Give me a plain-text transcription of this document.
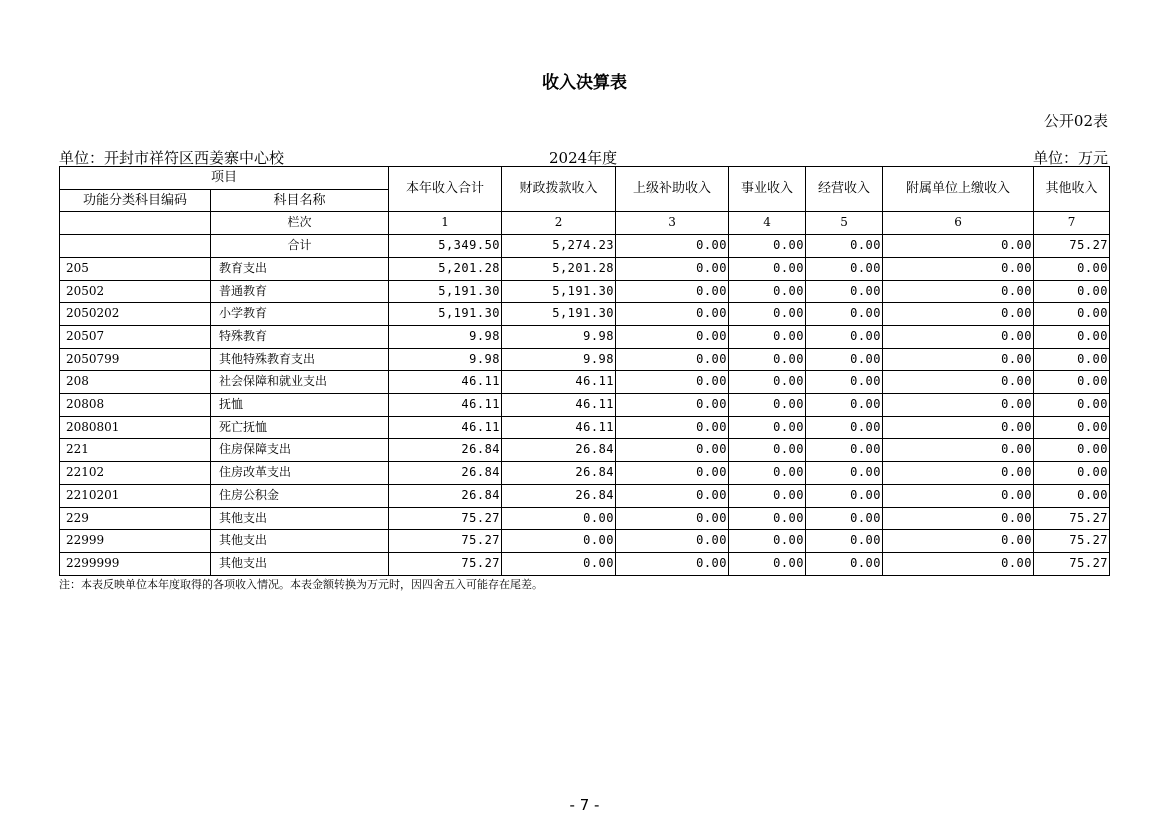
收入决算表
公开02表
单位：开封市祥符区西姜寨中心校	2024年度	单位：万元
项目		本年收入合计	财政拨款收入	上级补助收入	事业收入	经营收入	附属单位上缴收入	其他收入
功能分类科目编码	科目名称							
	栏次	1	2	3	4	5	6	7
	合计	5,349.50	5,274.23	0.00	0.00	0.00	0.00	75.27
205	教育支出	5,201.28	5,201.28	0.00	0.00	0.00	0.00	0.00
20502	普通教育	5,191.30	5,191.30	0.00	0.00	0.00	0.00	0.00
2050202	小学教育	5,191.30	5,191.30	0.00	0.00	0.00	0.00	0.00
20507	特殊教育	9.98	9.98	0.00	0.00	0.00	0.00	0.00
2050799	其他特殊教育支出	9.98	9.98	0.00	0.00	0.00	0.00	0.00
208	社会保障和就业支出	46.11	46.11	0.00	0.00	0.00	0.00	0.00
20808	抚恤	46.11	46.11	0.00	0.00	0.00	0.00	0.00
2080801	死亡抚恤	46.11	46.11	0.00	0.00	0.00	0.00	0.00
221	住房保障支出	26.84	26.84	0.00	0.00	0.00	0.00	0.00
22102	住房改革支出	26.84	26.84	0.00	0.00	0.00	0.00	0.00
2210201	住房公积金	26.84	26.84	0.00	0.00	0.00	0.00	0.00
229	其他支出	75.27	0.00	0.00	0.00	0.00	0.00	75.27
22999	其他支出	75.27	0.00	0.00	0.00	0.00	0.00	75.27
2299999	其他支出	75.27	0.00	0.00	0.00	0.00	0.00	75.27
注：本表反映单位本年度取得的各项收入情况。本表金额转换为万元时，因四舍五入可能存在尾差。
- 7 -
